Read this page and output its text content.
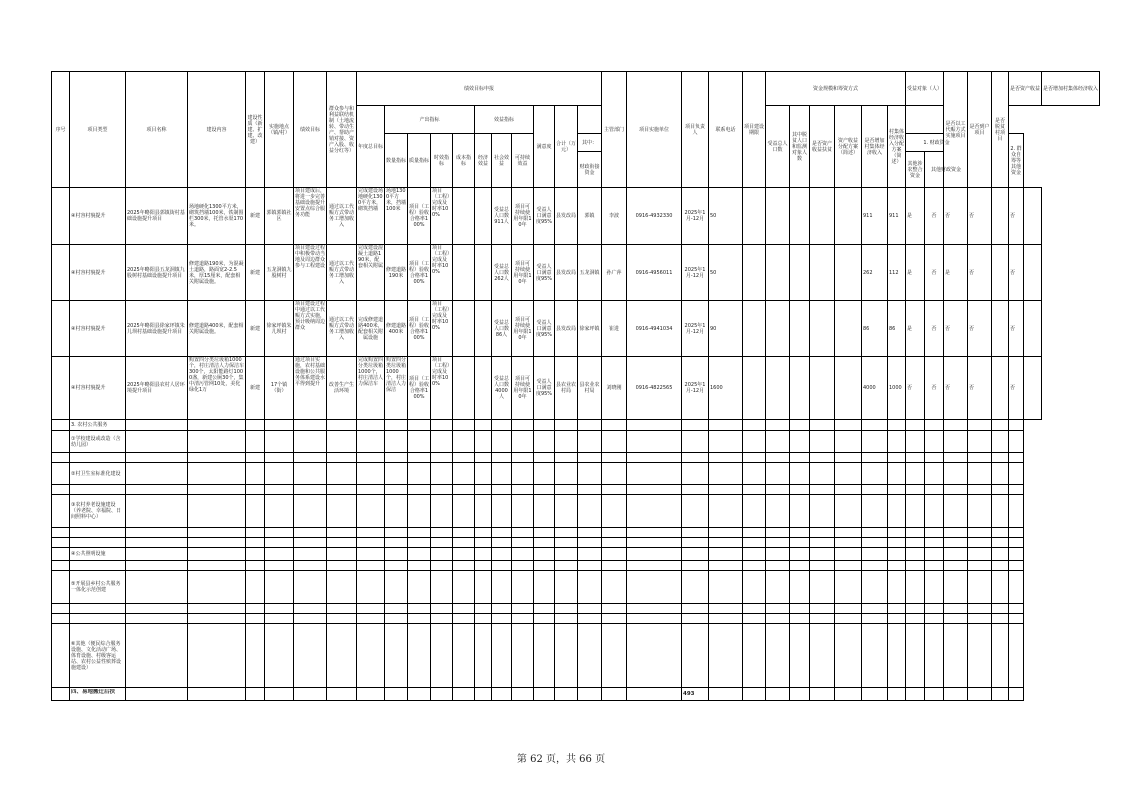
序号	项目类型	项目名称	建设内容	建设性质（新建、扩建、改建）	实施地点（镇/村）	绩效目标	群众参与和利益联结机制（土地流转、带动生产、帮助产销对接、资产入股、收益分红等）	绩效目标申报											主管部门	项目实施单位	项目负责人	联系电话	项目建设期限	资金规模和筹资方式						受益对象（人）		是否以工代赈方式实施项目	是否到户项目	是否脱贫村项目	是否资产收益		是否增加村集体经济收入
								年度总目标	产出指标				效益指标			满意度	合计（万元）							受益总人口数	其中脱贫人口和监测对象人数	是否资产收益扶贫	资产收益分配方案（简述）	是否增加村集体经济收入	村集体经济收入分配方案（简述）								

									数量指标	质量指标	时效指标	成本指标	经济效益	社会效益	可持续效益			其中：												1. 财政资金					2. 群众自筹等其他资金		
																		财政衔接资金												其他涉农整合资金	其他财政资金						
	④村容村貌提升	2025年略阳县郭镇街村基础设施提升项目	场地硬化1300平方米，砌筑挡墙100米，铁制围栏300米，托管水渠170米。	新建	郭镇郭镇社区	项目建成后，将进一步完善基础设施提升安置点综合服务功能	通过以工代赈方式带动务工增加收入	完成建设场地硬化1300平方米，砌筑挡墙	场地1300平方米，挡墙100米	项目（工程）验收合格率100%	项目（工程）完成及时率100%			受益总人口数911人	项目可持续使用年限10年	受益人口满意度95%	县发改局	郭镇	李波	0916-4932330	2025年1月-12月	50						911	911	是	否	否	否		否		
	④村容村貌提升	2025年略阳县五龙洞镇九股树村基础设施提升项目	修建道路190米，为混凝土道路，路面宽2-2.5米，厚15厘米，配套相关附属设施。	新建	五龙洞镇九股树村	项目建设过程中积极带动当地及周边群众参与工程建设	通过以工代赈方式带动务工增加收入	完成建设混凝土道路190米，配套相关附属	修建道路190米	项目（工程）验收合格率100%	项目（工程）完成及时率100%			受益总人口数262人	项目可持续使用年限10年	受益人口满意度95%	县发改局	五龙洞镇	孙广萍	0916-4956011	2025年1月-12月	50						262	112	是	否	是	否		否		
	④村容村貌提升	2025年略阳县徐家坪镇朱儿坝村基础设施提升项目	修建道路400米，配套相关附属设施。	新建	徐家坪镇朱儿坝村	项目建设过程中通过以工代赈方式实施，预计吸纳周边群众	通过以工代赈方式带动务工增加收入	完成修建道路400米，配套相关附属设施	修建道路400米	项目（工程）验收合格率100%	项目（工程）完成及时率100%			受益总人口数86人	项目可持续使用年限10年	受益人口满意度95%	县发改局	徐家坪镇	崔进	0916-4941034	2025年1月-12月	90						86	86	是	否	否	否		否		
	④村容村貌提升	2025年略阳县农村人居环境提升项目	购置四分类垃圾箱1000个，村庄清洁人力保洁车300个，太阳能路灯1000盏，新建公厕30个，集中清污管网10处，美化绿化1万	新建	17个镇（街）	通过项目实施，农村基础设施和公共服务体系建设水平得到提升	改善生产生活环境	完成购置四分类垃圾箱1000个，村庄清洁人力保洁车	购置四分类垃圾箱1000个，村庄清洁人力保洁	项目（工程）验收合格率100%	项目（工程）完成及时率100%			受益总人口数4000人	项目可持续使用年限10年	受益人口满意度95%	县农业农村局	县农业农村局	刘晓刚	0916-4822565	2025年1月-12月	1600						4000	1000	否	否	否	否		否		
	3. 农村公共服务																																				
	①学校建设或改造（含幼儿园）																																				

	②村卫生室标准化建设																																				

	③农村养老设施建设（养老院、幸福院、日间照料中心）																																				

	④公共照明设施																																				

	⑤开展县乡村公共服务一体化示范创建																																				

	⑥其他（便民综合服务设施、文化活动广场、体育设施、村级客运站、农村公益性殡葬设施建设）																																				

	四、易地搬迁后扶																				493																
第 62 页，共 66 页
